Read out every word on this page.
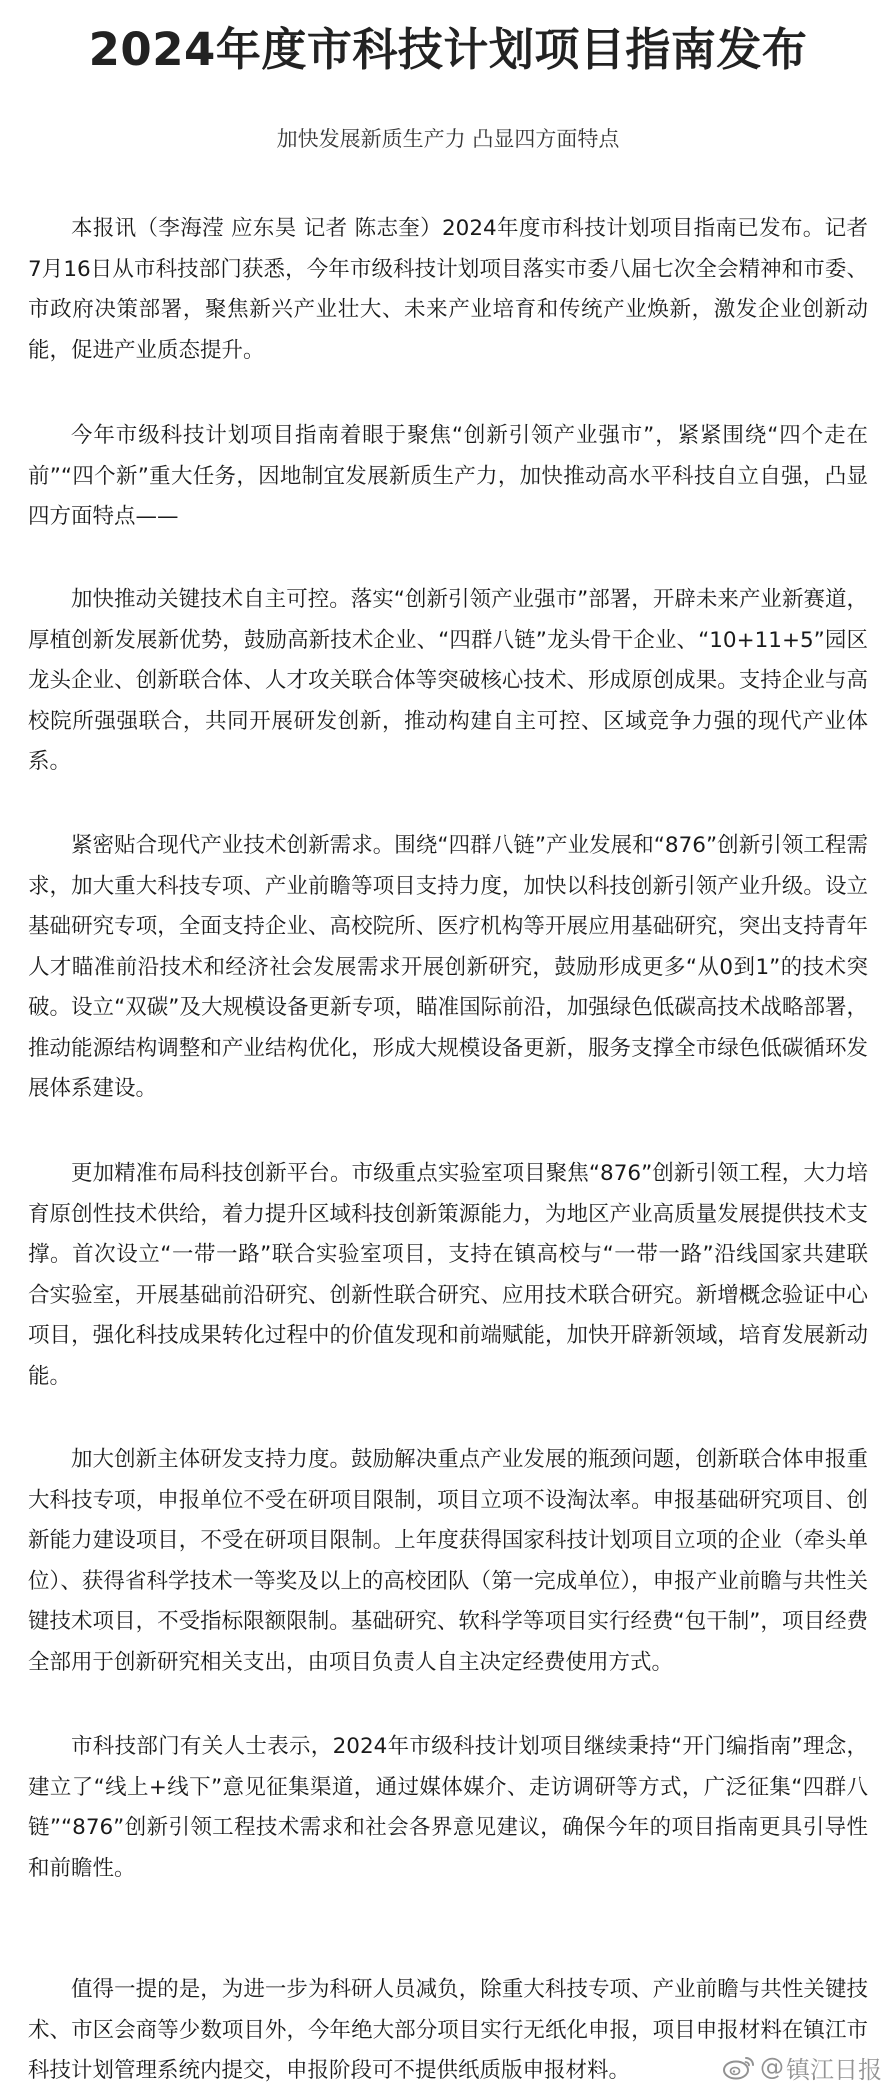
2024年度市科技计划项目指南发布
加快发展新质生产力 凸显四方面特点

本报讯（李海滢 应东昊 记者 陈志奎）2024年度市科技计划项目指南已发布。记者7月16日从市科技部门获悉，今年市级科技计划项目落实市委八届七次全会精神和市委、市政府决策部署，聚焦新兴产业壮大、未来产业培育和传统产业焕新，激发企业创新动能，促进产业质态提升。

今年市级科技计划项目指南着眼于聚焦“创新引领产业强市”，紧紧围绕“四个走在前”“四个新”重大任务，因地制宜发展新质生产力，加快推动高水平科技自立自强，凸显四方面特点——

加快推动关键技术自主可控。落实“创新引领产业强市”部署，开辟未来产业新赛道，厚植创新发展新优势，鼓励高新技术企业、“四群八链”龙头骨干企业、“10+11+5”园区龙头企业、创新联合体、人才攻关联合体等突破核心技术、形成原创成果。支持企业与高校院所强强联合，共同开展研发创新，推动构建自主可控、区域竞争力强的现代产业体系。

紧密贴合现代产业技术创新需求。围绕“四群八链”产业发展和“876”创新引领工程需求，加大重大科技专项、产业前瞻等项目支持力度，加快以科技创新引领产业升级。设立基础研究专项，全面支持企业、高校院所、医疗机构等开展应用基础研究，突出支持青年人才瞄准前沿技术和经济社会发展需求开展创新研究，鼓励形成更多“从0到1”的技术突破。设立“双碳”及大规模设备更新专项，瞄准国际前沿，加强绿色低碳高技术战略部署，推动能源结构调整和产业结构优化，形成大规模设备更新，服务支撑全市绿色低碳循环发展体系建设。

更加精准布局科技创新平台。市级重点实验室项目聚焦“876”创新引领工程，大力培育原创性技术供给，着力提升区域科技创新策源能力，为地区产业高质量发展提供技术支撑。首次设立“一带一路”联合实验室项目，支持在镇高校与“一带一路”沿线国家共建联合实验室，开展基础前沿研究、创新性联合研究、应用技术联合研究。新增概念验证中心项目，强化科技成果转化过程中的价值发现和前端赋能，加快开辟新领域，培育发展新动能。

加大创新主体研发支持力度。鼓励解决重点产业发展的瓶颈问题，创新联合体申报重大科技专项，申报单位不受在研项目限制，项目立项不设淘汰率。申报基础研究项目、创新能力建设项目，不受在研项目限制。上年度获得国家科技计划项目立项的企业（牵头单位）、获得省科学技术一等奖及以上的高校团队（第一完成单位），申报产业前瞻与共性关键技术项目，不受指标限额限制。基础研究、软科学等项目实行经费“包干制”，项目经费全部用于创新研究相关支出，由项目负责人自主决定经费使用方式。

市科技部门有关人士表示，2024年市级科技计划项目继续秉持“开门编指南”理念，建立了“线上+线下”意见征集渠道，通过媒体媒介、走访调研等方式，广泛征集“四群八链”“876”创新引领工程技术需求和社会各界意见建议，确保今年的项目指南更具引导性和前瞻性。

值得一提的是，为进一步为科研人员减负，除重大科技专项、产业前瞻与共性关键技术、市区会商等少数项目外，今年绝大部分项目实行无纸化申报，项目申报材料在镇江市科技计划管理系统内提交，申报阶段可不提供纸质版申报材料。	@ 镇江日报
